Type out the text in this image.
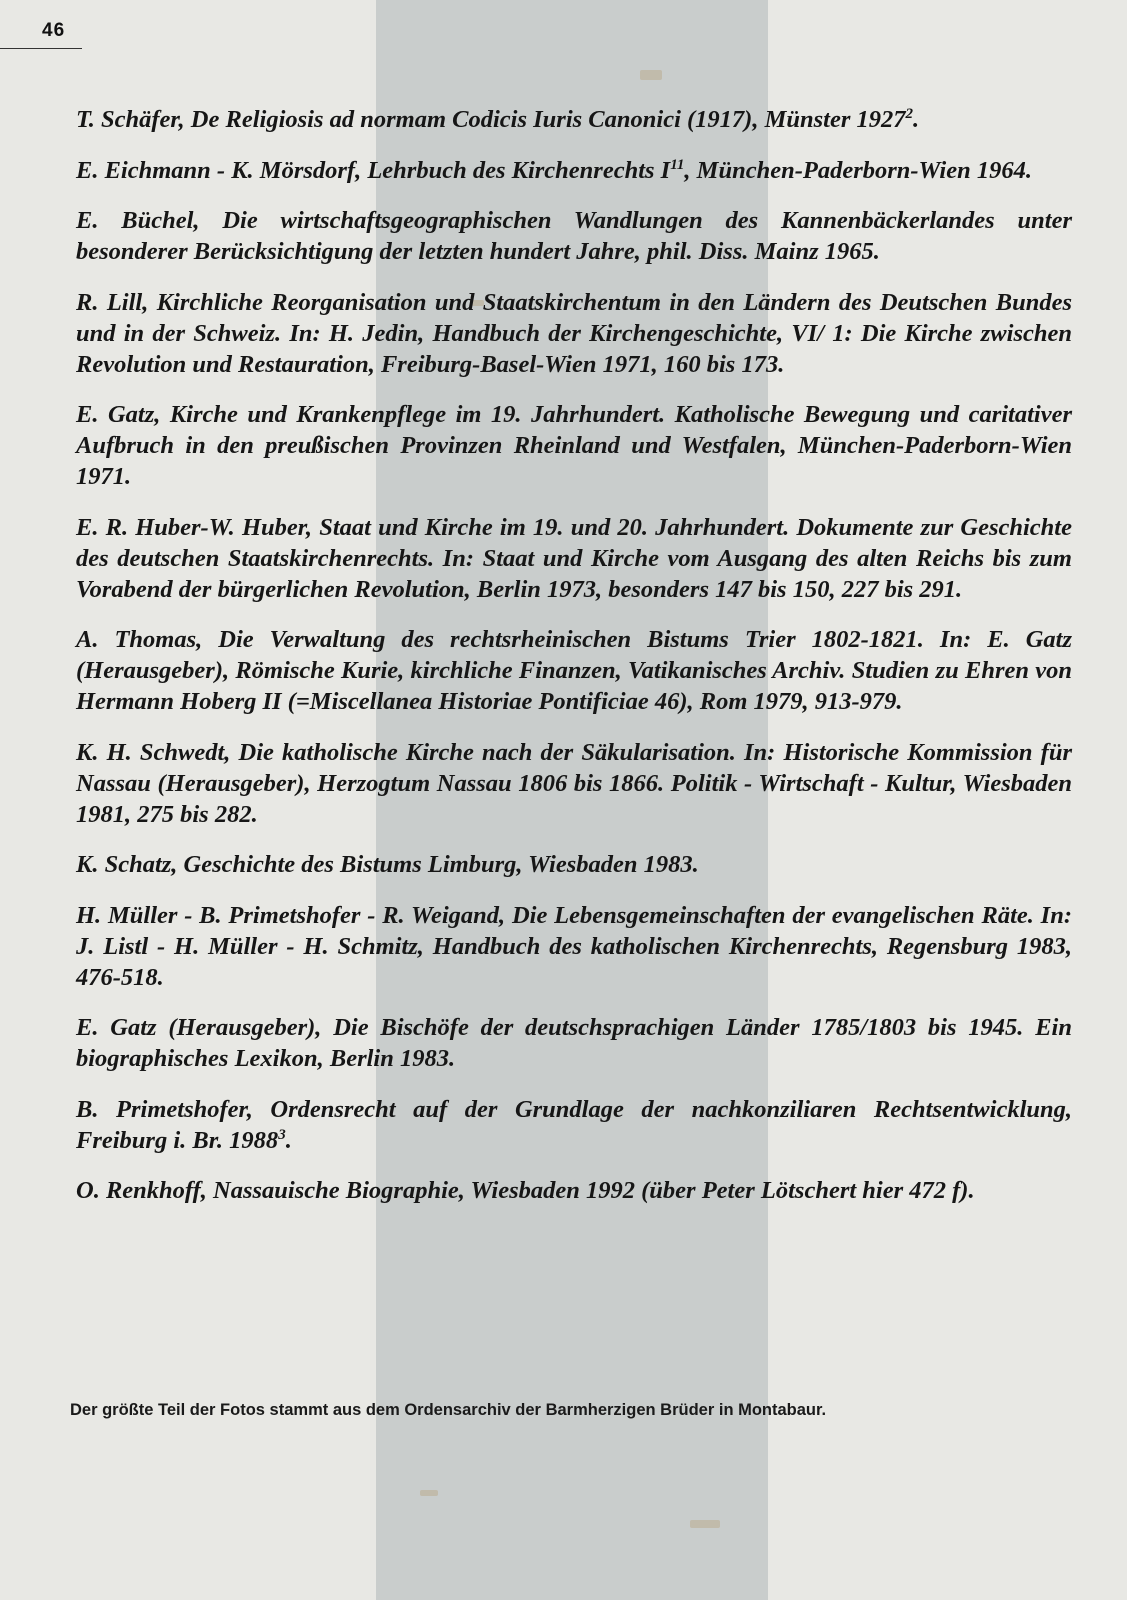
46
T. Schäfer, De Religiosis ad normam Codicis Iuris Canonici (1917), Münster 1927$^2$.
E. Eichmann - K. Mörsdorf, Lehrbuch des Kirchenrechts $I^{11}$, München-Paderborn-Wien 1964.
E. Büchel, Die wirtschaftsgeographischen Wandlungen des Kannenbäckerlandes unter besonderer Berücksichtigung der letzten hundert Jahre, phil. Diss. Mainz 1965.
R. Lill, Kirchliche Reorganisation und Staatskirchentum in den Ländern des Deutschen Bundes und in der Schweiz. In: H. Jedin, Handbuch der Kirchengeschichte, VI/ 1: Die Kirche zwischen Revolution und Restauration, Freiburg-Basel-Wien 1971, 160 bis 173.
E. Gatz, Kirche und Krankenpflege im 19. Jahrhundert. Katholische Bewegung und caritativer Aufbruch in den preußischen Provinzen Rheinland und Westfalen, München-Paderborn-Wien 1971.
E. R. Huber-W. Huber, Staat und Kirche im 19. und 20. Jahrhundert. Dokumente zur Geschichte des deutschen Staatskirchenrechts. In: Staat und Kirche vom Ausgang des alten Reichs bis zum Vorabend der bürgerlichen Revolution, Berlin 1973, besonders 147 bis 150, 227 bis 291.
A. Thomas, Die Verwaltung des rechtsrheinischen Bistums Trier 1802-1821. In: E. Gatz (Herausgeber), Römische Kurie, kirchliche Finanzen, Vatikanisches Archiv. Studien zu Ehren von Hermann Hoberg II (=Miscellanea Historiae Pontificiae 46), Rom 1979, 913-979.
K. H. Schwedt, Die katholische Kirche nach der Säkularisation. In: Historische Kommission für Nassau (Herausgeber), Herzogtum Nassau 1806 bis 1866. Politik - Wirtschaft - Kultur, Wiesbaden 1981, 275 bis 282.
K. Schatz, Geschichte des Bistums Limburg, Wiesbaden 1983.
H. Müller - B. Primetshofer - R. Weigand, Die Lebensgemeinschaften der evangelischen Räte. In: J. Listl - H. Müller - H. Schmitz, Handbuch des katholischen Kirchenrechts, Regensburg 1983, 476-518.
E. Gatz (Herausgeber), Die Bischöfe der deutschsprachigen Länder 1785/1803 bis 1945. Ein biographisches Lexikon, Berlin 1983.
B. Primetshofer, Ordensrecht auf der Grundlage der nachkonziliaren Rechtsentwicklung, Freiburg i. Br. 1988$^3$.
O. Renkhoff, Nassauische Biographie, Wiesbaden 1992 (über Peter Lötschert hier 472 f).
Der größte Teil der Fotos stammt aus dem Ordensarchiv der Barmherzigen Brüder in Montabaur.
